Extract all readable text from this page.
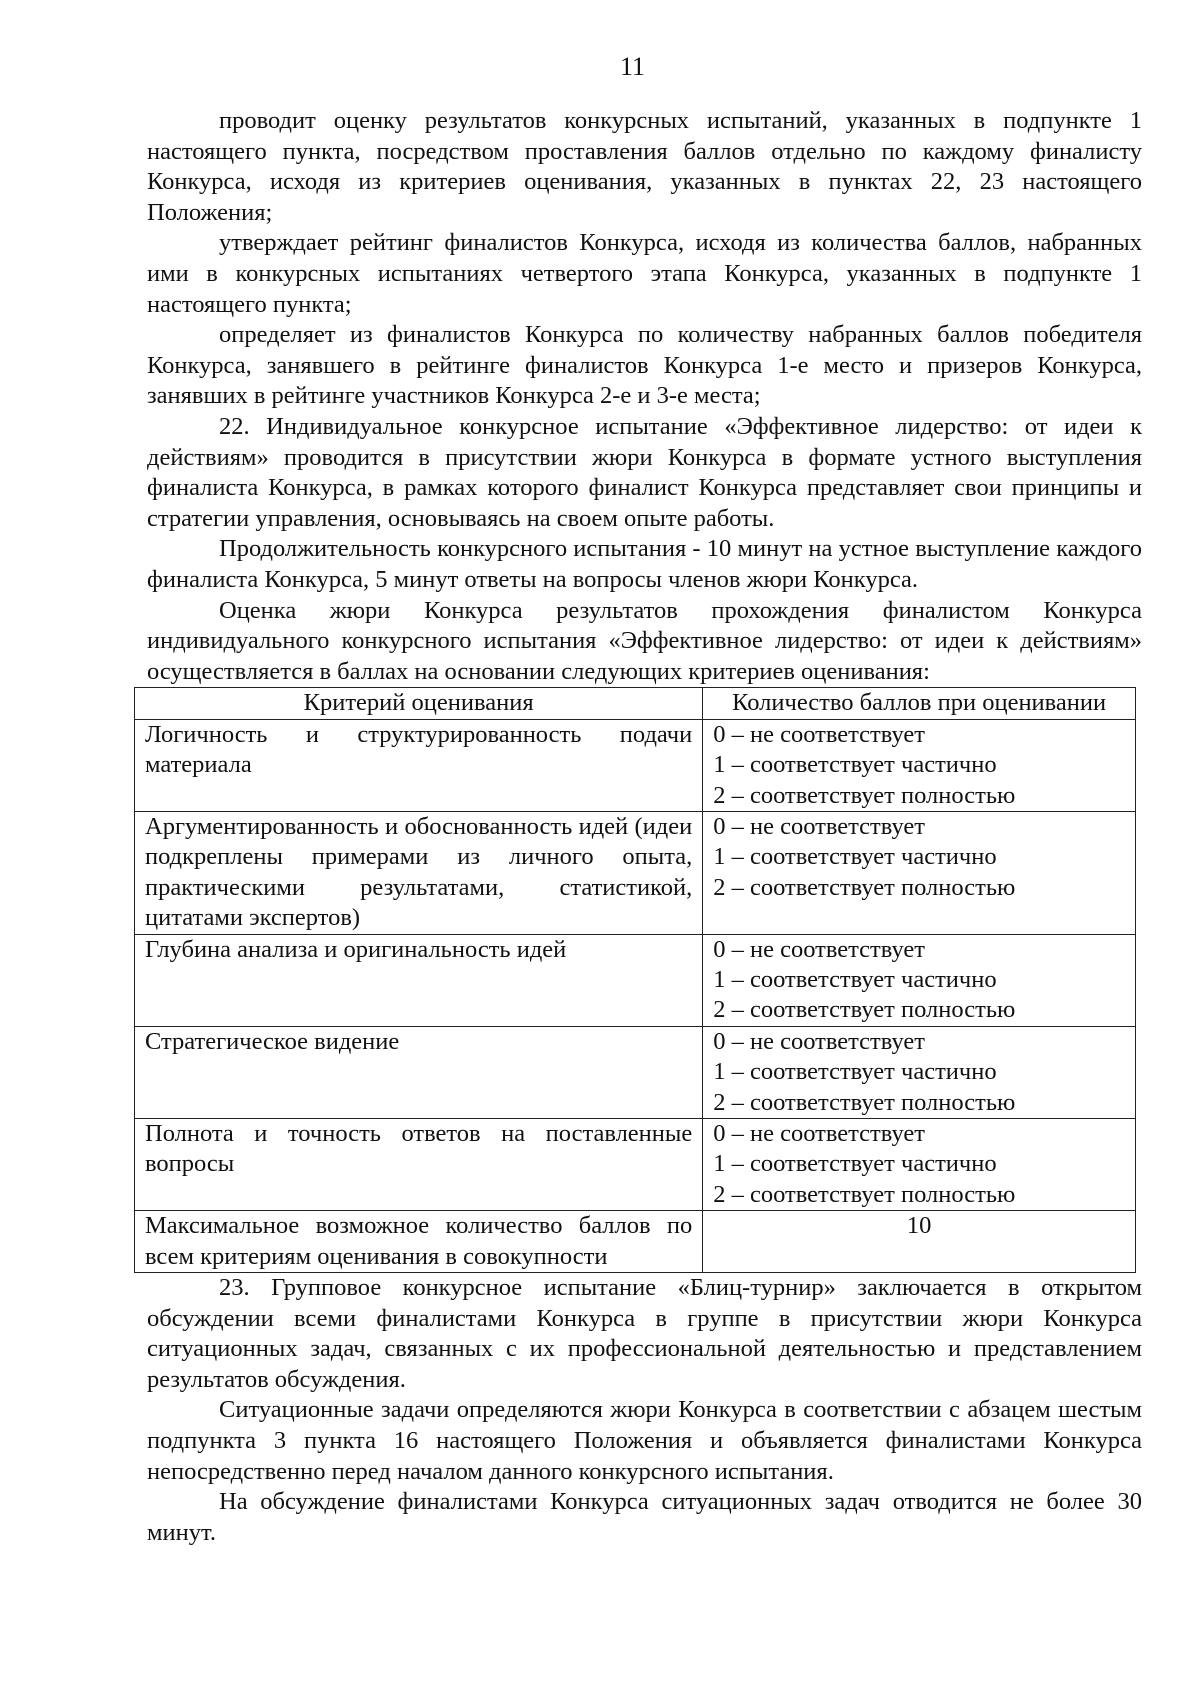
11

проводит оценку результатов конкурсных испытаний, указанных в подпункте 1 настоящего пункта, посредством проставления баллов отдельно по каждому финалисту Конкурса, исходя из критериев оценивания, указанных в пунктах 22, 23 настоящего Положения;

утверждает рейтинг финалистов Конкурса, исходя из количества баллов, набранных ими в конкурсных испытаниях четвертого этапа Конкурса, указанных в подпункте 1 настоящего пункта;

определяет из финалистов Конкурса по количеству набранных баллов победителя Конкурса, занявшего в рейтинге финалистов Конкурса 1-е место и призеров Конкурса, занявших в рейтинге участников Конкурса 2-е и 3-е места;

22. Индивидуальное конкурсное испытание «Эффективное лидерство: от идеи к действиям» проводится в присутствии жюри Конкурса в формате устного выступления финалиста Конкурса, в рамках которого финалист Конкурса представляет свои принципы и стратегии управления, основываясь на своем опыте работы.

Продолжительность конкурсного испытания - 10 минут на устное выступление каждого финалиста Конкурса, 5 минут ответы на вопросы членов жюри Конкурса.

Оценка жюри Конкурса результатов прохождения финалистом Конкурса индивидуального конкурсного испытания «Эффективное лидерство: от идеи к действиям» осуществляется в баллах на основании следующих критериев оценивания:

Критерий оценивания	Количество баллов при оценивании
Логичность и структурированность подачи материала	0 – не соответствует
1 – соответствует частично
2 – соответствует полностью

Аргументированность и обоснованность идей (идеи подкреплены примерами из личного опыта, практическими результатами, статистикой, цитатами экспертов)	0 – не соответствует
1 – соответствует частично
2 – соответствует полностью

Глубина анализа и оригинальность идей	0 – не соответствует
1 – соответствует частично
2 – соответствует полностью

Стратегическое видение	0 – не соответствует
1 – соответствует частично
2 – соответствует полностью

Полнота и точность ответов на поставленные вопросы	0 – не соответствует
1 – соответствует частично
2 – соответствует полностью

Максимальное возможное количество баллов по всем критериям оценивания в совокупности	10

23. Групповое конкурсное испытание «Блиц-турнир» заключается в открытом обсуждении всеми финалистами Конкурса в группе в присутствии жюри Конкурса ситуационных задач, связанных с их профессиональной деятельностью и представлением результатов обсуждения.

Ситуационные задачи определяются жюри Конкурса в соответствии с абзацем шестым подпункта 3 пункта 16 настоящего Положения и объявляется финалистами Конкурса непосредственно перед началом данного конкурсного испытания.

На обсуждение финалистами Конкурса ситуационных задач отводится не более 30 минут.
